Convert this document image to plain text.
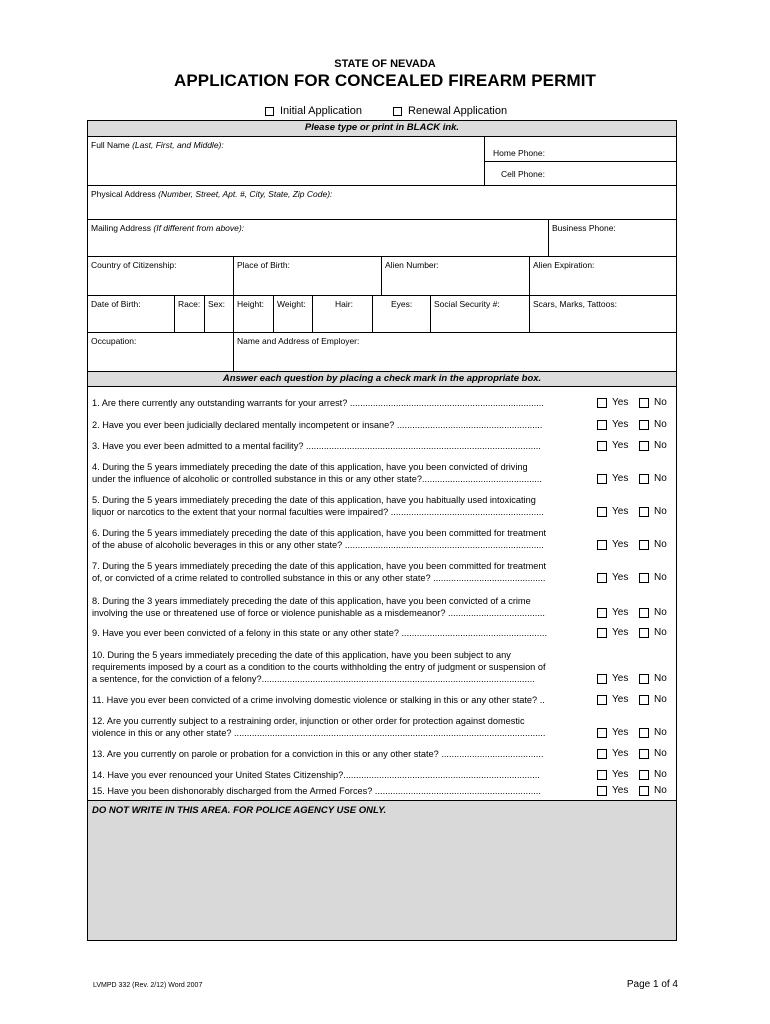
STATE OF NEVADA
APPLICATION FOR CONCEALED FIREARM PERMIT
Initial Application	Renewal Application
Please type or print in BLACK ink.
Full Name (Last, First, and Middle):
Home Phone:
Cell Phone:
Physical Address (Number, Street, Apt. #, City, State, Zip Code):
Mailing Address (If different from above):	Business Phone:
Country of Citizenship:	Place of Birth:	Alien Number:	Alien Expiration:
Date of Birth:	Race: Sex:	Height:	Weight:	Hair:	Eyes:	Social Security #:	Scars, Marks, Tattoos:
Occupation:	Name and Address of Employer:
Answer each question by placing a check mark in the appropriate box.
1. Are there currently any outstanding warrants for your arrest? ............................................................................	Yes	No
2. Have you ever been judicially declared mentally incompetent or insane? .........................................................	Yes	No
3. Have you ever been admitted to a mental facility? ............................................................................................	Yes	No
4. During the 5 years immediately preceding the date of this application, have you been convicted of driving
under the influence of alcoholic or controlled substance in this or any other state?...............................................	Yes	No
5. During the 5 years immediately preceding the date of this application, have you habitually used intoxicating
liquor or narcotics to the extent that your normal faculties were impaired? ............................................................	Yes	No
6. During the 5 years immediately preceding the date of this application, have you been committed for treatment
of the abuse of alcoholic beverages in this or any other state? ..............................................................................	Yes	No
7. During the 5 years immediately preceding the date of this application, have you been committed for treatment
of, or convicted of a crime related to controlled substance in this or any other state? ............................................	Yes	No
8. During the 3 years immediately preceding the date of this application, have you been convicted of a crime
involving the use or threatened use of force or violence punishable as a misdemeanor? ......................................	Yes	No
9. Have you ever been convicted of a felony in this state or any other state? .........................................................	Yes	No
10. During the 5 years immediately preceding the date of this application, have you been subject to any
requirements imposed by a court as a condition to the courts withholding the entry of judgment or suspension of
a sentence, for the conviction of a felony?...........................................................................................................	Yes	No
11. Have you ever been convicted of a crime involving domestic violence or stalking in this or any other state? ..	Yes	No
12. Are you currently subject to a restraining order, injunction or other order for protection against domestic
violence in this or any other state? ..........................................................................................................................	Yes	No
13. Are you currently on parole or probation for a conviction in this or any other state? ........................................	Yes	No
14. Have you ever renounced your United States Citizenship?.............................................................................	Yes	No
15. Have you been dishonorably discharged from the Armed Forces? .................................................................	Yes	No
DO NOT WRITE IN THIS AREA. FOR POLICE AGENCY USE ONLY.
LVMPD 332 (Rev. 2/12) Word 2007	Page 1 of 4
